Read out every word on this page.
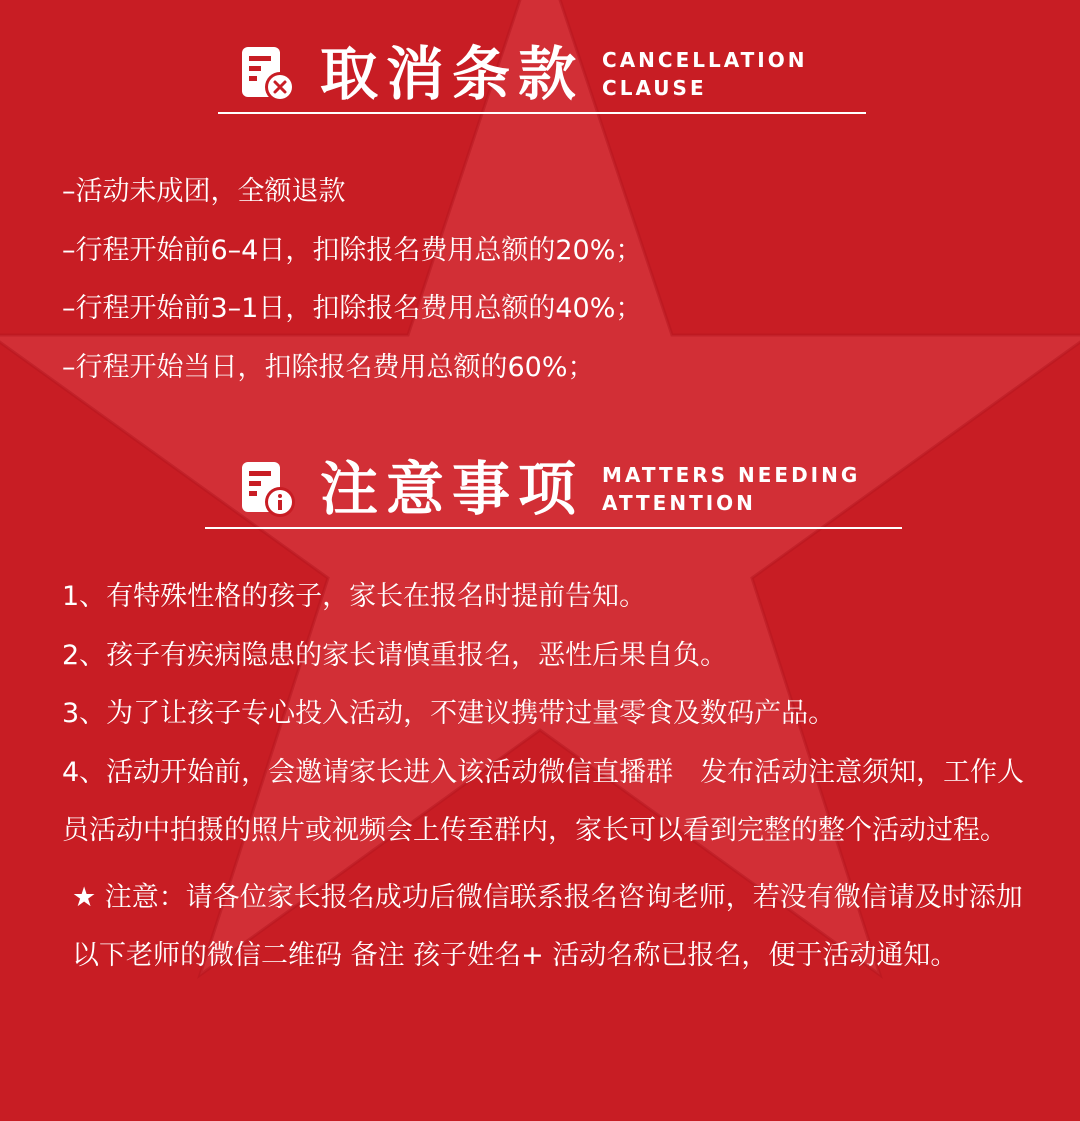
取消条款 CANCELLATION
CLAUSE

–活动未成团，全额退款

–行程开始前6–4日，扣除报名费用总额的20%；

–行程开始前3–1日，扣除报名费用总额的40%；

–行程开始当日，扣除报名费用总额的60%；

注意事项 MATTERS NEEDING
ATTENTION

1、有特殊性格的孩子，家长在报名时提前告知。

2、孩子有疾病隐患的家长请慎重报名，恶性后果自负。

3、为了让孩子专心投入活动，不建议携带过量零食及数码产品。

4、活动开始前，会邀请家长进入该活动微信直播群　发布活动注意须知，工作人员活动中拍摄的照片或视频会上传至群内，家长可以看到完整的整个活动过程。

★ 注意：请各位家长报名成功后微信联系报名咨询老师，若没有微信请及时添加以下老师的微信二维码 备注 孩子姓名+ 活动名称已报名，便于活动通知。
